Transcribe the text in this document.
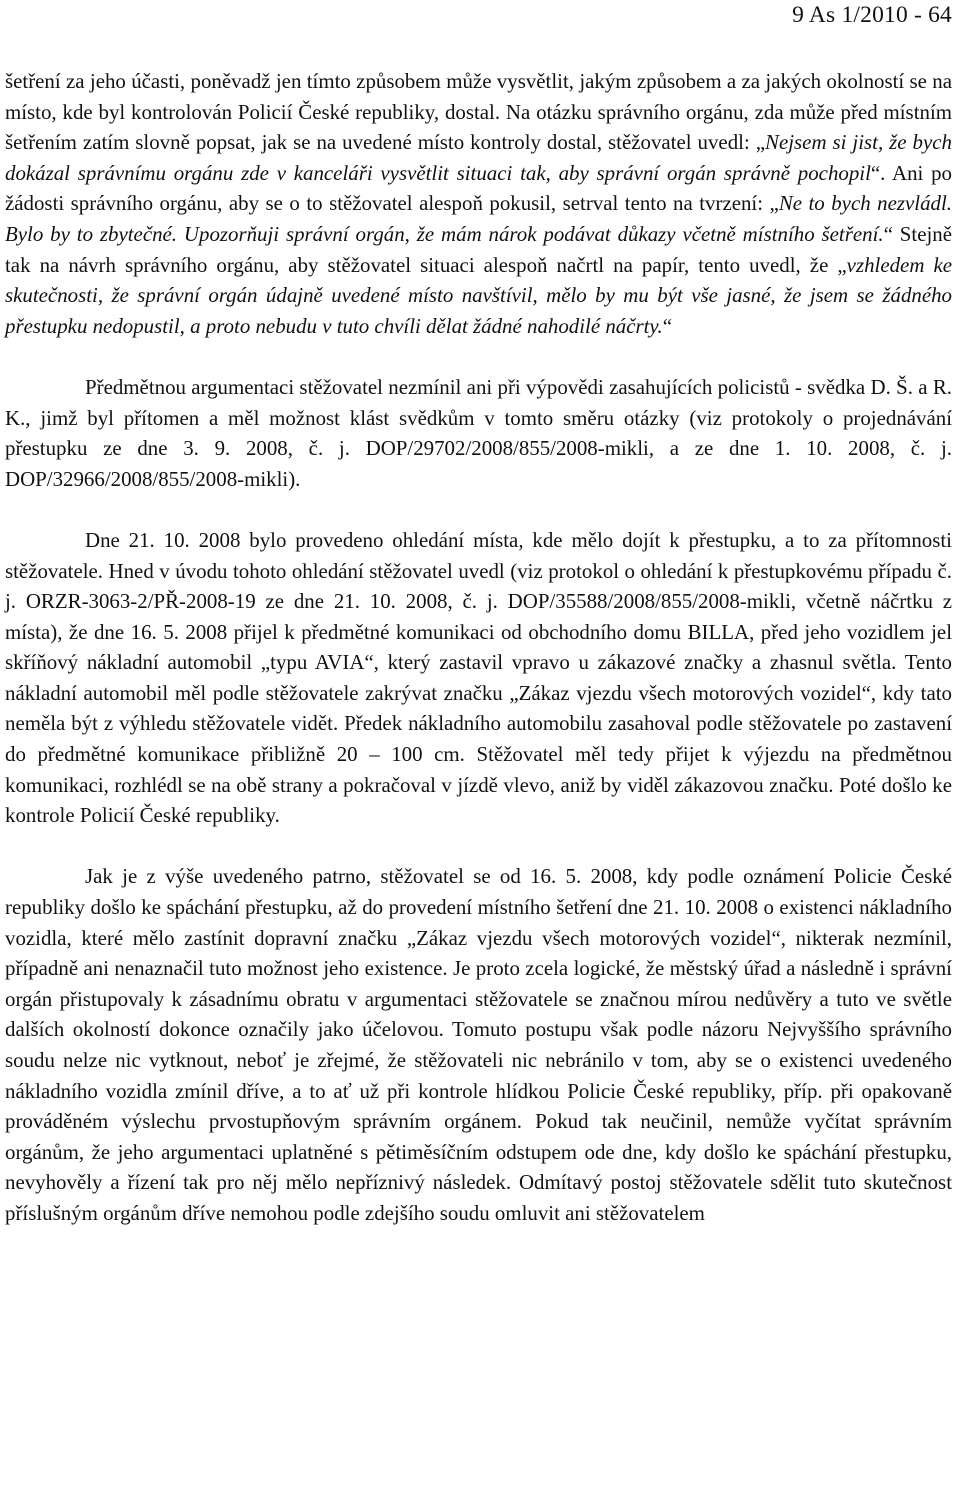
9 As 1/2010 - 64

šetření za jeho účasti, poněvadž jen tímto způsobem může vysvětlit, jakým způsobem a za jakých okolností se na místo, kde byl kontrolován Policií České republiky, dostal. Na otázku správního orgánu, zda může před místním šetřením zatím slovně popsat, jak se na uvedené místo kontroly dostal, stěžovatel uvedl: „Nejsem si jist, že bych dokázal správnímu orgánu zde v kanceláři vysvětlit situaci tak, aby správní orgán správně pochopil“. Ani po žádosti správního orgánu, aby se o to stěžovatel alespoň pokusil, setrval tento na tvrzení: „Ne to bych nezvládl. Bylo by to zbytečné. Upozorňuji správní orgán, že mám nárok podávat důkazy včetně místního šetření.“ Stejně tak na návrh správního orgánu, aby stěžovatel situaci alespoň načrtl na papír, tento uvedl, že „vzhledem ke skutečnosti, že správní orgán údajně uvedené místo navštívil, mělo by mu být vše jasné, že jsem se žádného přestupku nedopustil, a proto nebudu v tuto chvíli dělat žádné nahodilé náčrty.“

Předmětnou argumentaci stěžovatel nezmínil ani při výpovědi zasahujících policistů - svědka D. Š. a R. K., jimž byl přítomen a měl možnost klást svědkům v tomto směru otázky (viz protokoly o projednávání přestupku ze dne 3. 9. 2008, č. j. DOP/29702/2008/855/2008-mikli, a ze dne 1. 10. 2008, č. j. DOP/32966/2008/855/2008-mikli).

Dne 21. 10. 2008 bylo provedeno ohledání místa, kde mělo dojít k přestupku, a to za přítomnosti stěžovatele. Hned v úvodu tohoto ohledání stěžovatel uvedl (viz protokol o ohledání k přestupkovému případu č. j. ORZR-3063-2/PŘ-2008-19 ze dne 21. 10. 2008, č. j. DOP/35588/2008/855/2008-mikli, včetně náčrtku z místa), že dne 16. 5. 2008 přijel k předmětné komunikaci od obchodního domu BILLA, před jeho vozidlem jel skříňový nákladní automobil „typu AVIA“, který zastavil vpravo u zákazové značky a zhasnul světla. Tento nákladní automobil měl podle stěžovatele zakrývat značku „Zákaz vjezdu všech motorových vozidel“, kdy tato neměla být z výhledu stěžovatele vidět. Předek nákladního automobilu zasahoval podle stěžovatele po zastavení do předmětné komunikace přibližně 20 – 100 cm. Stěžovatel měl tedy přijet k výjezdu na předmětnou komunikaci, rozhlédl se na obě strany a pokračoval v jízdě vlevo, aniž by viděl zákazovou značku. Poté došlo ke kontrole Policií České republiky.

Jak je z výše uvedeného patrno, stěžovatel se od 16. 5. 2008, kdy podle oznámení Policie České republiky došlo ke spáchání přestupku, až do provedení místního šetření dne 21. 10. 2008 o existenci nákladního vozidla, které mělo zastínit dopravní značku „Zákaz vjezdu všech motorových vozidel“, nikterak nezmínil, případně ani nenaznačil tuto možnost jeho existence. Je proto zcela logické, že městský úřad a následně i správní orgán přistupovaly k zásadnímu obratu v argumentaci stěžovatele se značnou mírou nedůvěry a tuto ve světle dalších okolností dokonce označily jako účelovou. Tomuto postupu však podle názoru Nejvyššího správního soudu nelze nic vytknout, neboť je zřejmé, že stěžovateli nic nebránilo v tom, aby se o existenci uvedeného nákladního vozidla zmínil dříve, a to ať už při kontrole hlídkou Policie České republiky, příp. při opakovaně prováděném výslechu prvostupňovým správním orgánem. Pokud tak neučinil, nemůže vyčítat správním orgánům, že jeho argumentaci uplatněné s pětiměsíčním odstupem ode dne, kdy došlo ke spáchání přestupku, nevyhověly a řízení tak pro něj mělo nepříznivý následek. Odmítavý postoj stěžovatele sdělit tuto skutečnost příslušným orgánům dříve nemohou podle zdejšího soudu omluvit ani stěžovatelem
